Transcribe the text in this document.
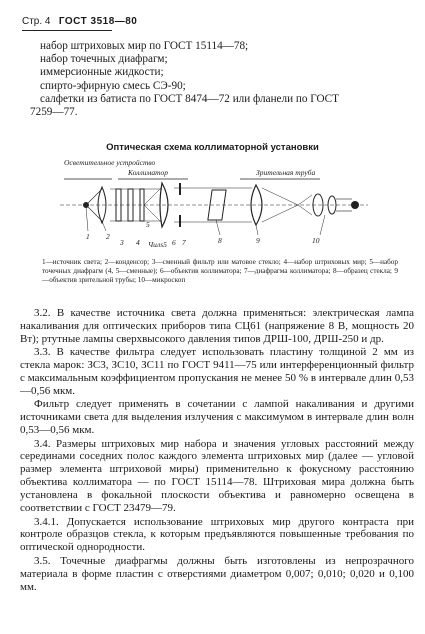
Стр. 4 ГОСТ 3518—80
набор штриховых мир по ГОСТ 15114—78;
набор точечных диафрагм;
иммерсионные жидкости;
спирто-эфирную смесь СЭ-90;
салфетки из батиста по ГОСТ 8474—72 или фланели по ГОСТ
7259—77.
Оптическая схема коллиматорной установки
Осветительное устройство
Коллиматор	Зрительная труба
1 2
3 4 Чилѕ5 6 7	8	9	10
5
1—источник света; 2—конденсор; 3—сменный фильтр или матовое стекло; 4—набор штриховых мир; 5—набор точечных диафрагм (4, 5—сменные); 6—объектив коллиматора; 7—диафрагма коллиматора; 8—образец стекла; 9—объектив зрительной трубы; 10—микроскоп

3.2. В качестве источника света должна применяться: электрическая лампа накаливания для оптических приборов типа СЦ61 (напряжение 8 В, мощность 20 Вт); ртутные лампы сверхвысокого давления типов ДРШ-100, ДРШ-250 и др.

3.3. В качестве фильтра следует использовать пластину толщиной 2 мм из стекла марок: ЗС3, ЗС10, ЗС11 по ГОСТ 9411—75 или интерференционный фильтр с максимальным коэффициентом пропускания не менее 50 % в интервале длин 0,53—0,56 мкм.

Фильтр следует применять в сочетании с лампой накаливания и другими источниками света для выделения излучения с максимумом в интервале длин волн 0,53—0,56 мкм.

3.4. Размеры штриховых мир набора и значения угловых расстояний между серединами соседних полос каждого элемента штриховых мир (далее — угловой размер элемента штриховой миры) применительно к фокусному расстоянию объектива коллиматора — по ГОСТ 15114—78. Штриховая мира должна быть установлена в фокальной плоскости объектива и равномерно освещена в соответствии с ГОСТ 23479—79.

3.4.1. Допускается использование штриховых мир другого контраста при контроле образцов стекла, к которым предъявляются повышенные требования по оптической однородности.

3.5. Точечные диафрагмы должны быть изготовлены из непрозрачного материала в форме пластин с отверстиями диаметром 0,007; 0,010; 0,020 и 0,100 мм.
